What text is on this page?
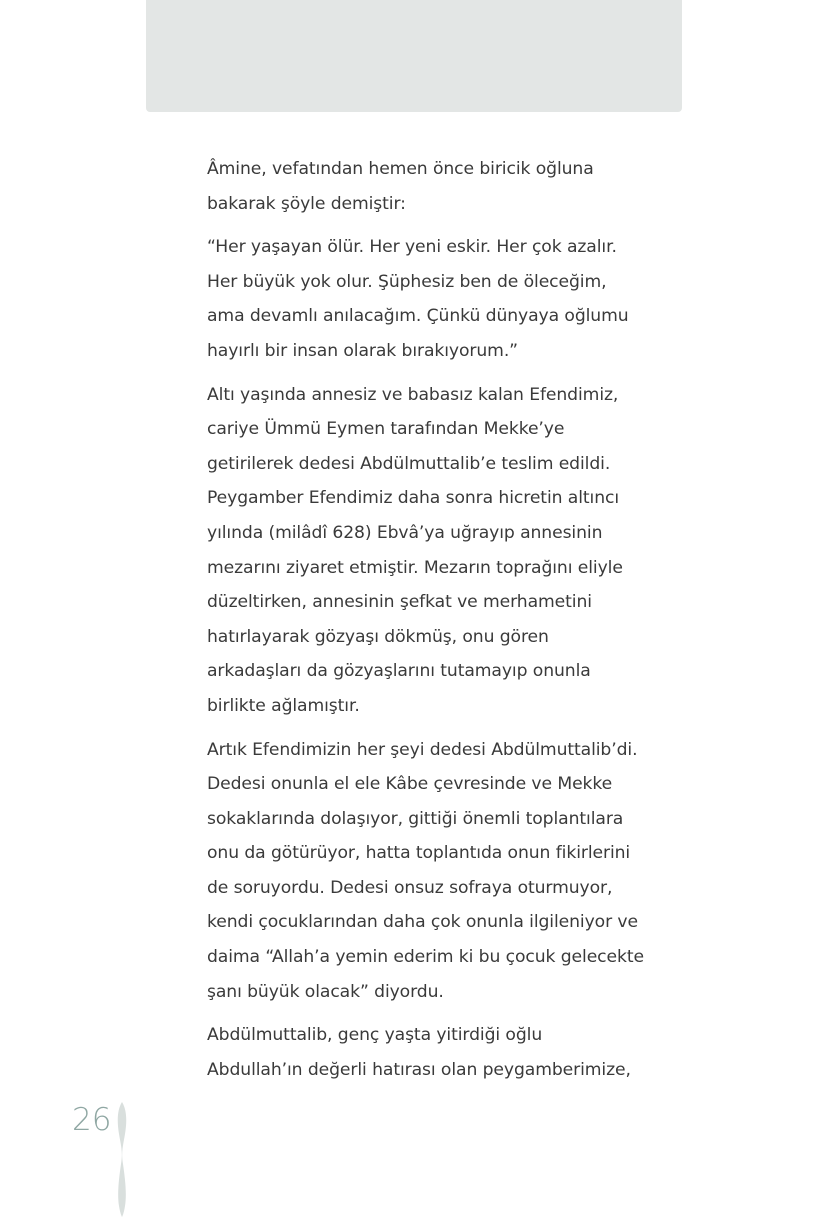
Âmine, vefatından hemen önce biricik oğluna
bakarak şöyle demiştir:

“Her yaşayan ölür. Her yeni eskir. Her çok azalır.
Her büyük yok olur. Şüphesiz ben de öleceğim,
ama devamlı anılacağım. Çünkü dünyaya oğlumu
hayırlı bir insan olarak bırakıyorum.”

Altı yaşında annesiz ve babasız kalan Efendimiz,
cariye Ümmü Eymen tarafından Mekke’ye
getirilerek dedesi Abdülmuttalib’e teslim edildi.
Peygamber Efendimiz daha sonra hicretin altıncı
yılında (milâdî 628) Ebvâ’ya uğrayıp annesinin
mezarını ziyaret etmiştir. Mezarın toprağını eliyle
düzeltirken, annesinin şefkat ve merhametini
hatırlayarak gözyaşı dökmüş, onu gören
arkadaşları da gözyaşlarını tutamayıp onunla
birlikte ağlamıştır.

Artık Efendimizin her şeyi dedesi Abdülmuttalib’di.
Dedesi onunla el ele Kâbe çevresinde ve Mekke
sokaklarında dolaşıyor, gittiği önemli toplantılara
onu da götürüyor, hatta toplantıda onun fikirlerini
de soruyordu. Dedesi onsuz sofraya oturmuyor,
kendi çocuklarından daha çok onunla ilgileniyor ve
daima “Allah’a yemin ederim ki bu çocuk gelecekte
şanı büyük olacak” diyordu.

Abdülmuttalib, genç yaşta yitirdiği oğlu
Abdullah’ın değerli hatırası olan peygamberimize,

26
